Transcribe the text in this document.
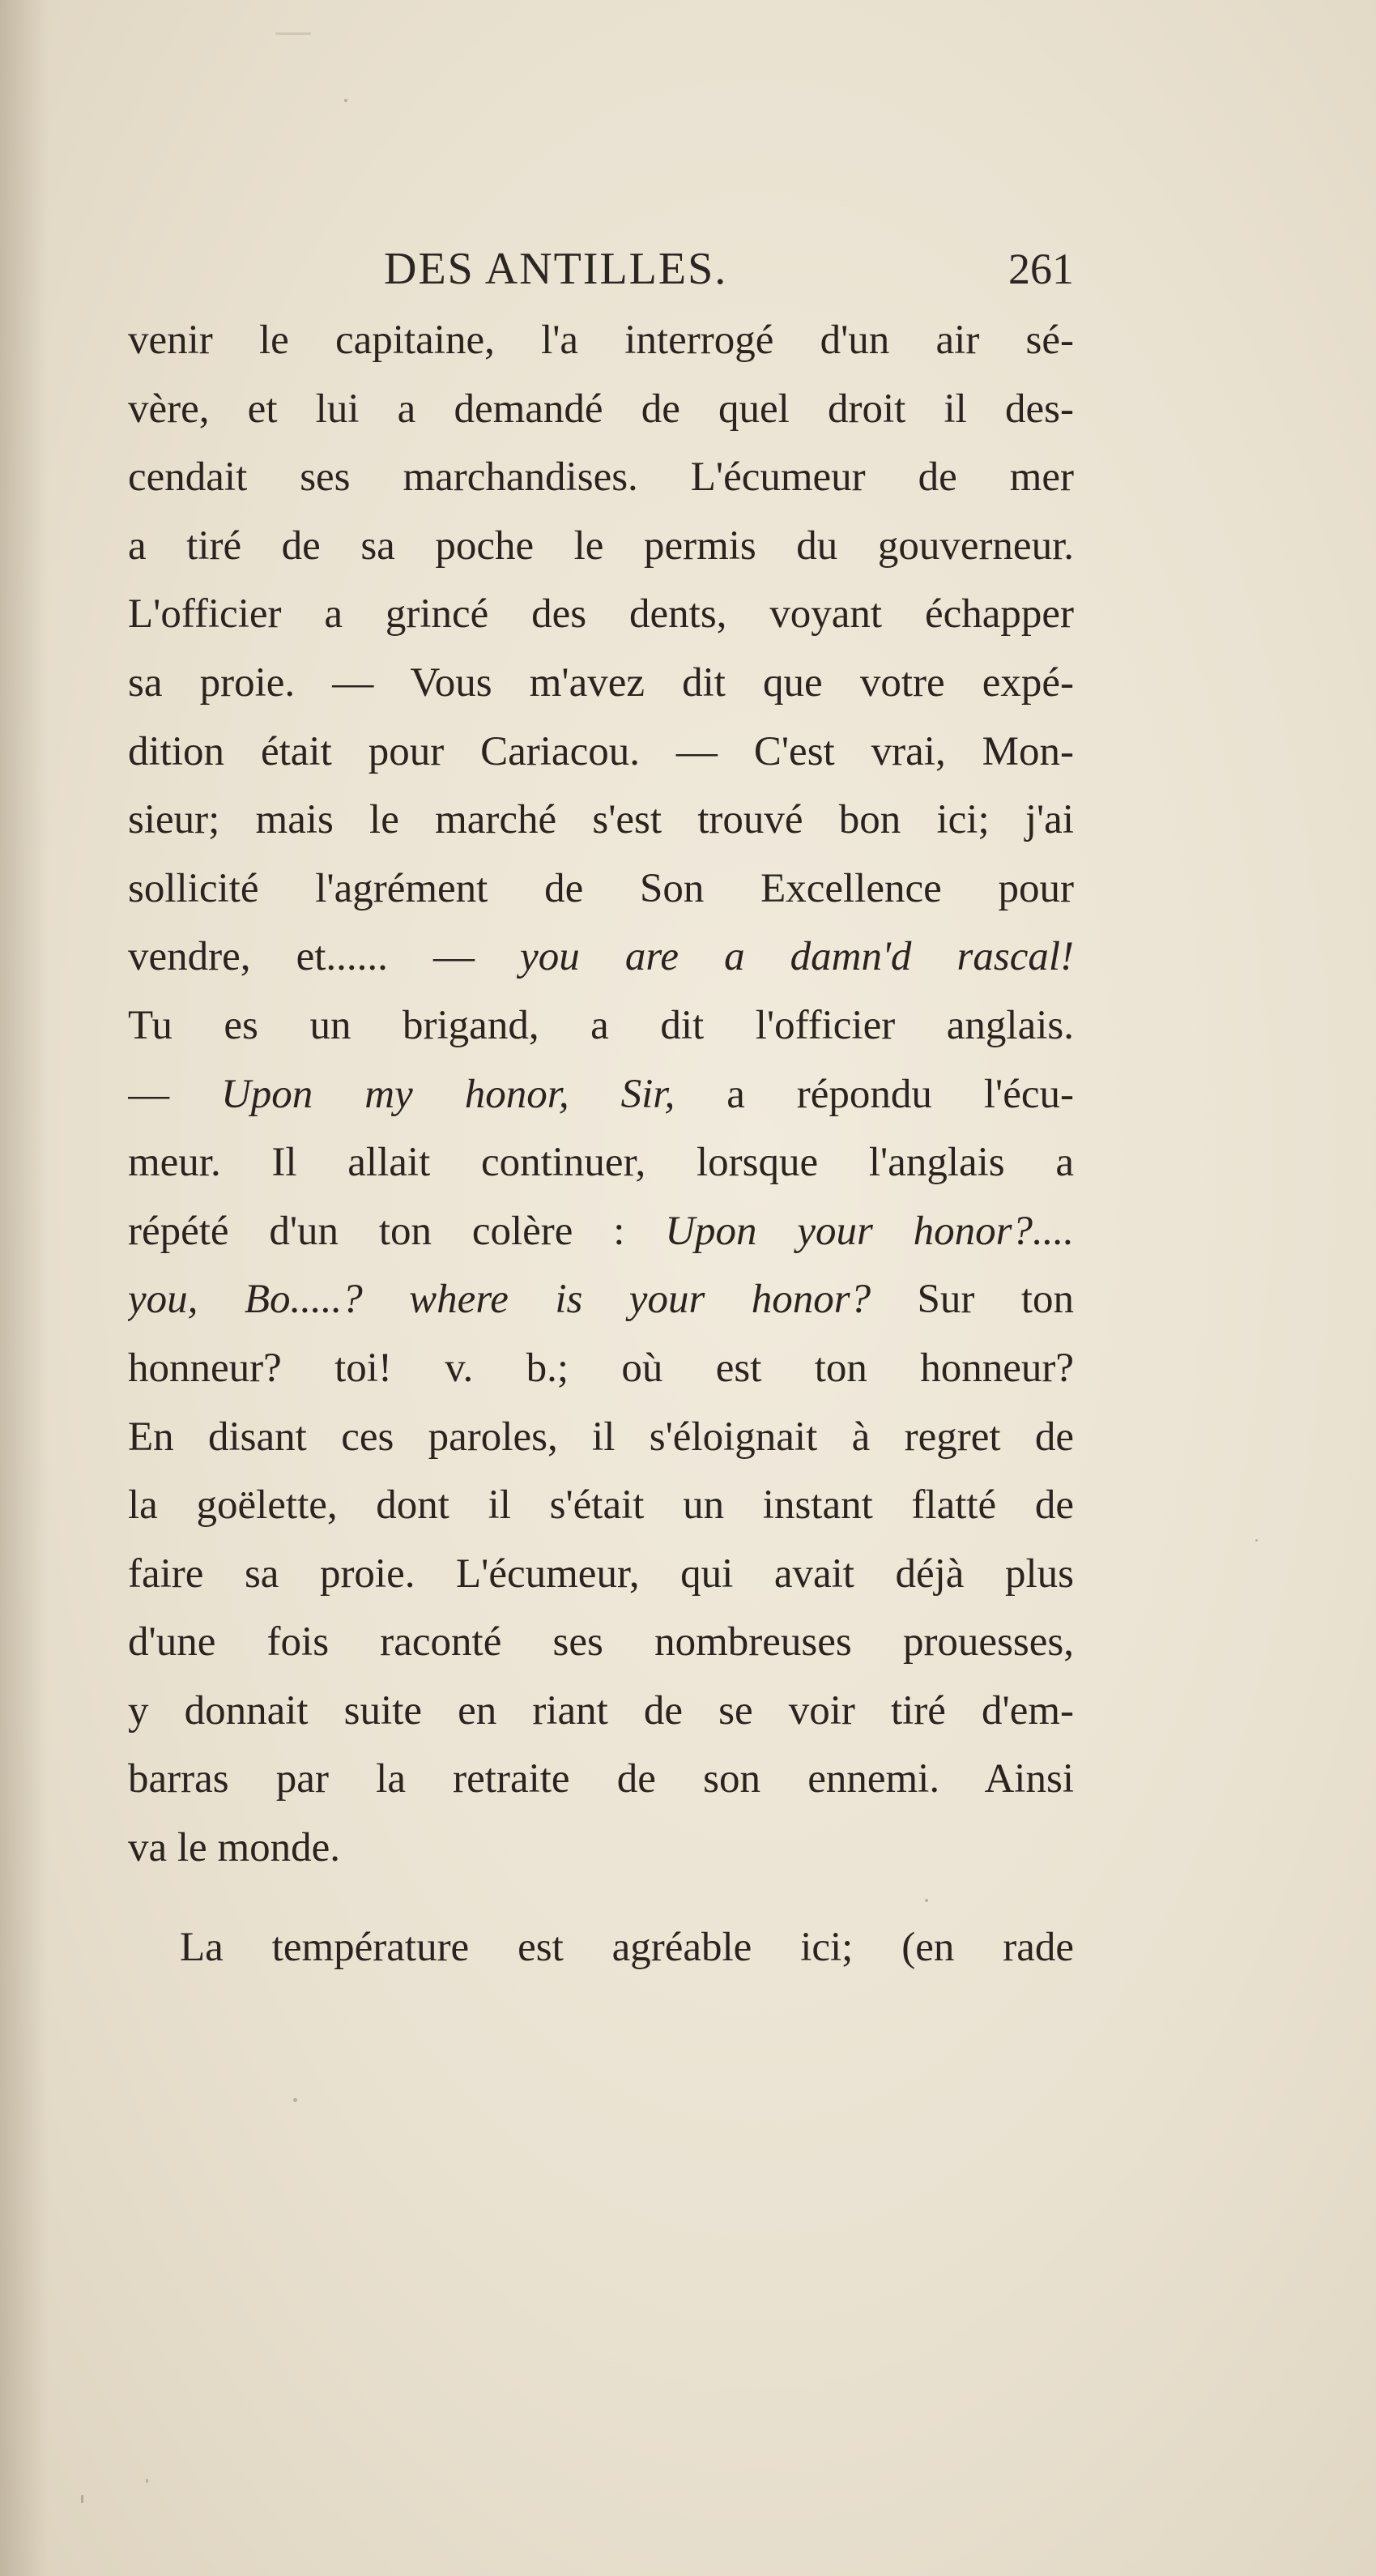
DES ANTILLES.	261
venir le capitaine, l'a interrogé d'un air sé-
vère, et lui a demandé de quel droit il des-
cendait ses marchandises. L'écumeur de mer
a tiré de sa poche le permis du gouverneur.
L'officier a grincé des dents, voyant échapper
sa proie. — Vous m'avez dit que votre expé-
dition était pour Cariacou. — C'est vrai, Mon-
sieur; mais le marché s'est trouvé bon ici; j'ai
sollicité l'agrément de Son Excellence pour
vendre, et...... — you are a damn'd rascal!
Tu es un brigand, a dit l'officier anglais.
— Upon my honor, Sir, a répondu l'écu-
meur. Il allait continuer, lorsque l'anglais a
répété d'un ton colère : Upon your honor?....
you, Bo.....? where is your honor? Sur ton
honneur? toi! v. b.; où est ton honneur?
En disant ces paroles, il s'éloignait à regret de
la goëlette, dont il s'était un instant flatté de
faire sa proie. L'écumeur, qui avait déjà plus
d'une fois raconté ses nombreuses prouesses,
y donnait suite en riant de se voir tiré d'em-
barras par la retraite de son ennemi. Ainsi
va le monde.
La température est agréable ici; (en rade
